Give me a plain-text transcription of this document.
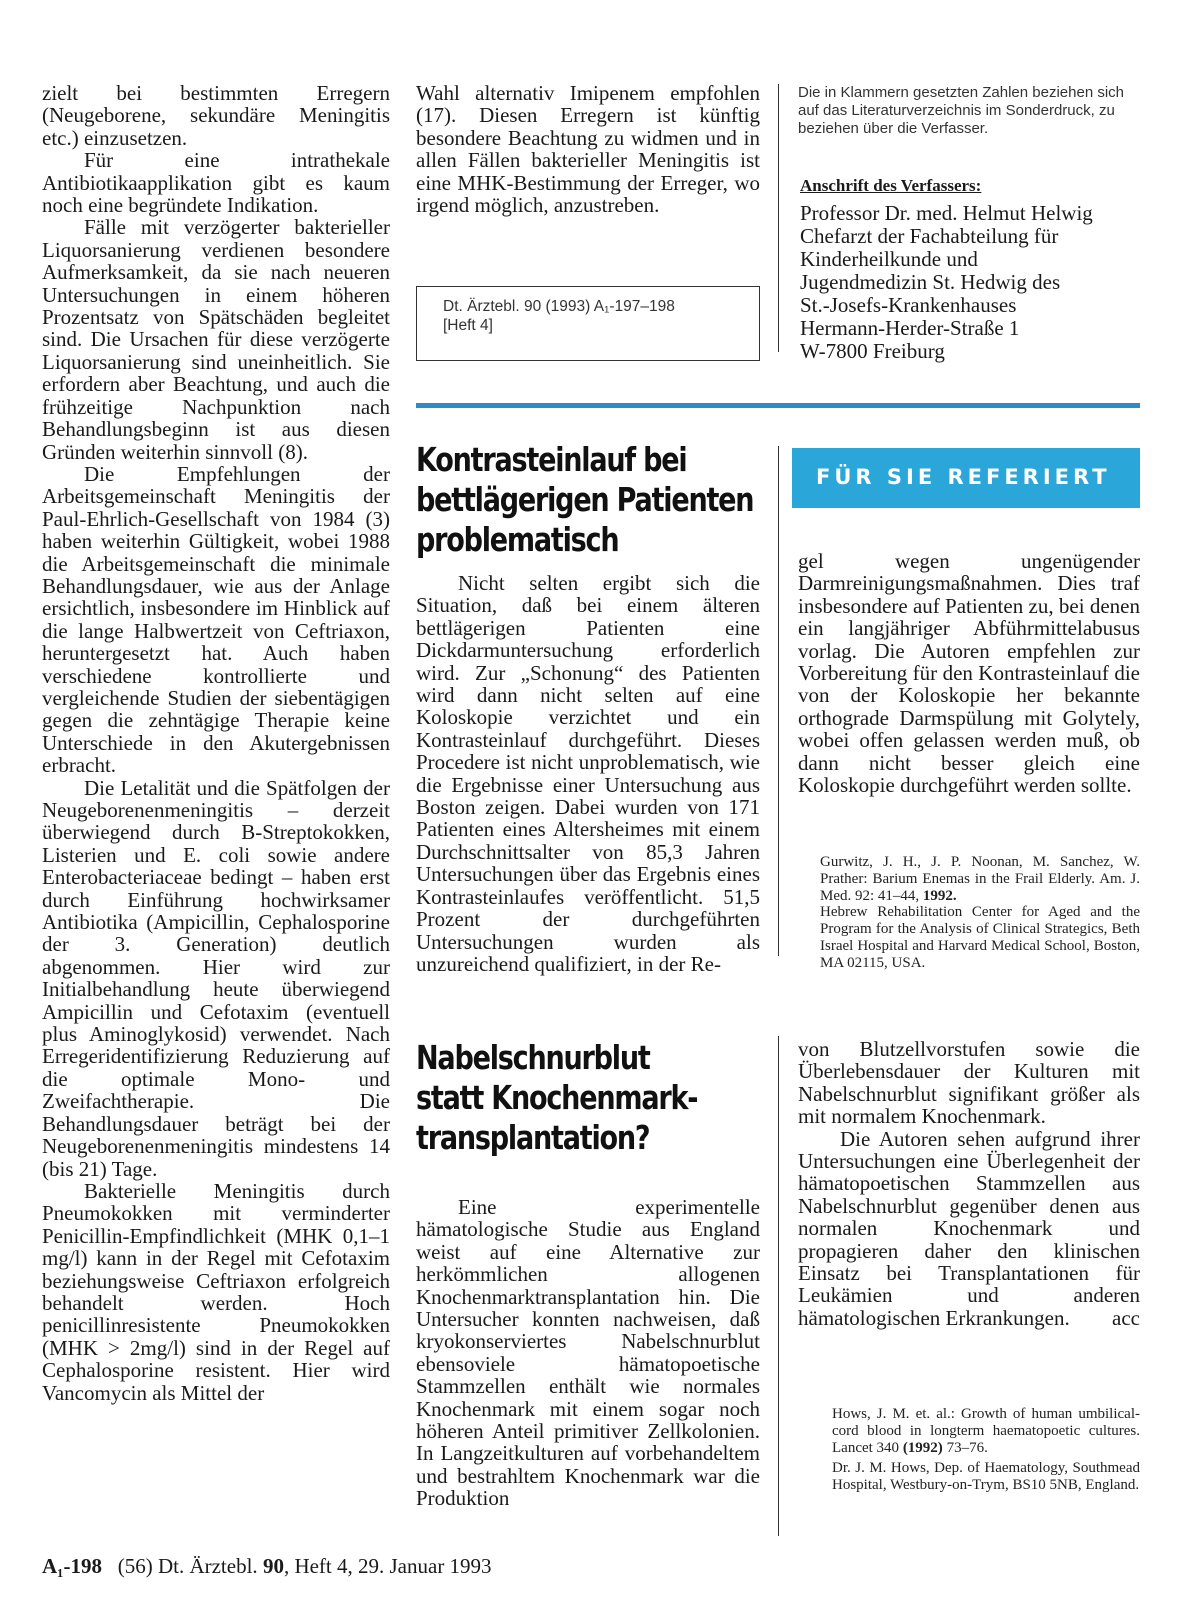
zielt bei bestimmten Erregern (Neugeborene, sekundäre Meningitis etc.) einzusetzen.

Für eine intrathekale Antibiotikaapplikation gibt es kaum noch eine begründete Indikation.

Fälle mit verzögerter bakterieller Liquorsanierung verdienen besondere Aufmerksamkeit, da sie nach neueren Untersuchungen in einem höheren Prozentsatz von Spätschäden begleitet sind. Die Ursachen für diese verzögerte Liquorsanierung sind uneinheitlich. Sie erfordern aber Beachtung, und auch die frühzeitige Nachpunktion nach Behandlungsbeginn ist aus diesen Gründen weiterhin sinnvoll (8).

Die Empfehlungen der Arbeitsgemeinschaft Meningitis der Paul-Ehrlich-Gesellschaft von 1984 (3) haben weiterhin Gültigkeit, wobei 1988 die Arbeitsgemeinschaft die minimale Behandlungsdauer, wie aus der Anlage ersichtlich, insbesondere im Hinblick auf die lange Halbwertzeit von Ceftriaxon, heruntergesetzt hat. Auch haben verschiedene kontrollierte und vergleichende Studien der siebentägigen gegen die zehntägige Therapie keine Unterschiede in den Akutergebnissen erbracht.

Die Letalität und die Spätfolgen der Neugeborenenmeningitis – derzeit überwiegend durch B-Streptokokken, Listerien und E. coli sowie andere Enterobacteriaceae bedingt – haben erst durch Einführung hochwirksamer Antibiotika (Ampicillin, Cephalosporine der 3. Generation) deutlich abgenommen. Hier wird zur Initialbehandlung heute überwiegend Ampicillin und Cefotaxim (eventuell plus Aminoglykosid) verwendet. Nach Erregeridentifizierung Reduzierung auf die optimale Mono- und Zweifachtherapie. Die Behandlungsdauer beträgt bei der Neugeborenenmeningitis mindestens 14 (bis 21) Tage.

Bakterielle Meningitis durch Pneumokokken mit verminderter Penicillin-Empfindlichkeit (MHK 0,1–1 mg/l) kann in der Regel mit Cefotaxim beziehungsweise Ceftriaxon erfolgreich behandelt werden. Hoch penicillinresistente Pneumokokken (MHK > 2mg/l) sind in der Regel auf Cephalosporine resistent. Hier wird Vancomycin als Mittel der

Wahl alternativ Imipenem empfohlen (17). Diesen Erregern ist künftig besondere Beachtung zu widmen und in allen Fällen bakterieller Meningitis ist eine MHK-Bestimmung der Erreger, wo irgend möglich, anzustreben.

Dt. Ärztebl. 90 (1993) A₁-197–198

[Heft 4]

Die in Klammern gesetzten Zahlen beziehen sich auf das Literaturverzeichnis im Sonderdruck, zu beziehen über die Verfasser.

Anschrift des Verfassers:

Professor Dr. med. Helmut Helwig

Chefarzt der Fachabteilung für

Kinderheilkunde und

Jugendmedizin St. Hedwig des

St.-Josefs-Krankenhauses

Hermann-Herder-Straße 1

W-7800 Freiburg

Kontrasteinlauf bei

bettlägerigen Patienten

problematisch

Nicht selten ergibt sich die Situation, daß bei einem älteren bettlägerigen Patienten eine Dickdarmuntersuchung erforderlich wird. Zur „Schonung“ des Patienten wird dann nicht selten auf eine Koloskopie verzichtet und ein Kontrasteinlauf durchgeführt. Dieses Procedere ist nicht unproblematisch, wie die Ergebnisse einer Untersuchung aus Boston zeigen. Dabei wurden von 171 Patienten eines Altersheimes mit einem Durchschnittsalter von 85,3 Jahren Untersuchungen über das Ergebnis eines Kontrasteinlaufes veröffentlicht. 51,5 Prozent der durchgeführten Untersuchungen wurden als unzureichend qualifiziert, in der Re-

FÜR SIE REFERIERT

gel wegen ungenügender Darmreinigungsmaßnahmen. Dies traf insbesondere auf Patienten zu, bei denen ein langjähriger Abführmittelabusus vorlag. Die Autoren empfehlen zur Vorbereitung für den Kontrasteinlauf die von der Koloskopie her bekannte orthograde Darmspülung mit Golytely, wobei offen gelassen werden muß, ob dann nicht besser gleich eine Koloskopie durchgeführt werden sollte.

Gurwitz, J. H., J. P. Noonan, M. Sanchez, W. Prather: Barium Enemas in the Frail Elderly. Am. J. Med. 92: 41–44, 1992.

Hebrew Rehabilitation Center for Aged and the Program for the Analysis of Clinical Strategics, Beth Israel Hospital and Harvard Medical School, Boston, MA 02115, USA.

Nabelschnurblut

statt Knochenmark-

transplantation?

Eine experimentelle hämatologische Studie aus England weist auf eine Alternative zur herkömmlichen allogenen Knochenmarktransplantation hin. Die Untersucher konnten nachweisen, daß kryokonserviertes Nabelschnurblut ebensoviele hämatopoetische Stammzellen enthält wie normales Knochenmark mit einem sogar noch höheren Anteil primitiver Zellkolonien. In Langzeitkulturen auf vorbehandeltem und bestrahltem Knochenmark war die Produktion

von Blutzellvorstufen sowie die Überlebensdauer der Kulturen mit Nabelschnurblut signifikant größer als mit normalem Knochenmark.

Die Autoren sehen aufgrund ihrer Untersuchungen eine Überlegenheit der hämatopoetischen Stammzellen aus Nabelschnurblut gegenüber denen aus normalen Knochenmark und propagieren daher den klinischen Einsatz bei Transplantationen für Leukämien und anderen hämatologischen Erkrankungen.	acc

Hows, J. M. et. al.: Growth of human umbilical-cord blood in longterm haematopoetic cultures. Lancet 340 (1992) 73–76.

Dr. J. M. Hows, Dep. of Haematology, Southmead Hospital, Westbury-on-Trym, BS10 5NB, England.

A₁-198 (56) Dt. Ärztebl. 90, Heft 4, 29. Januar 1993
